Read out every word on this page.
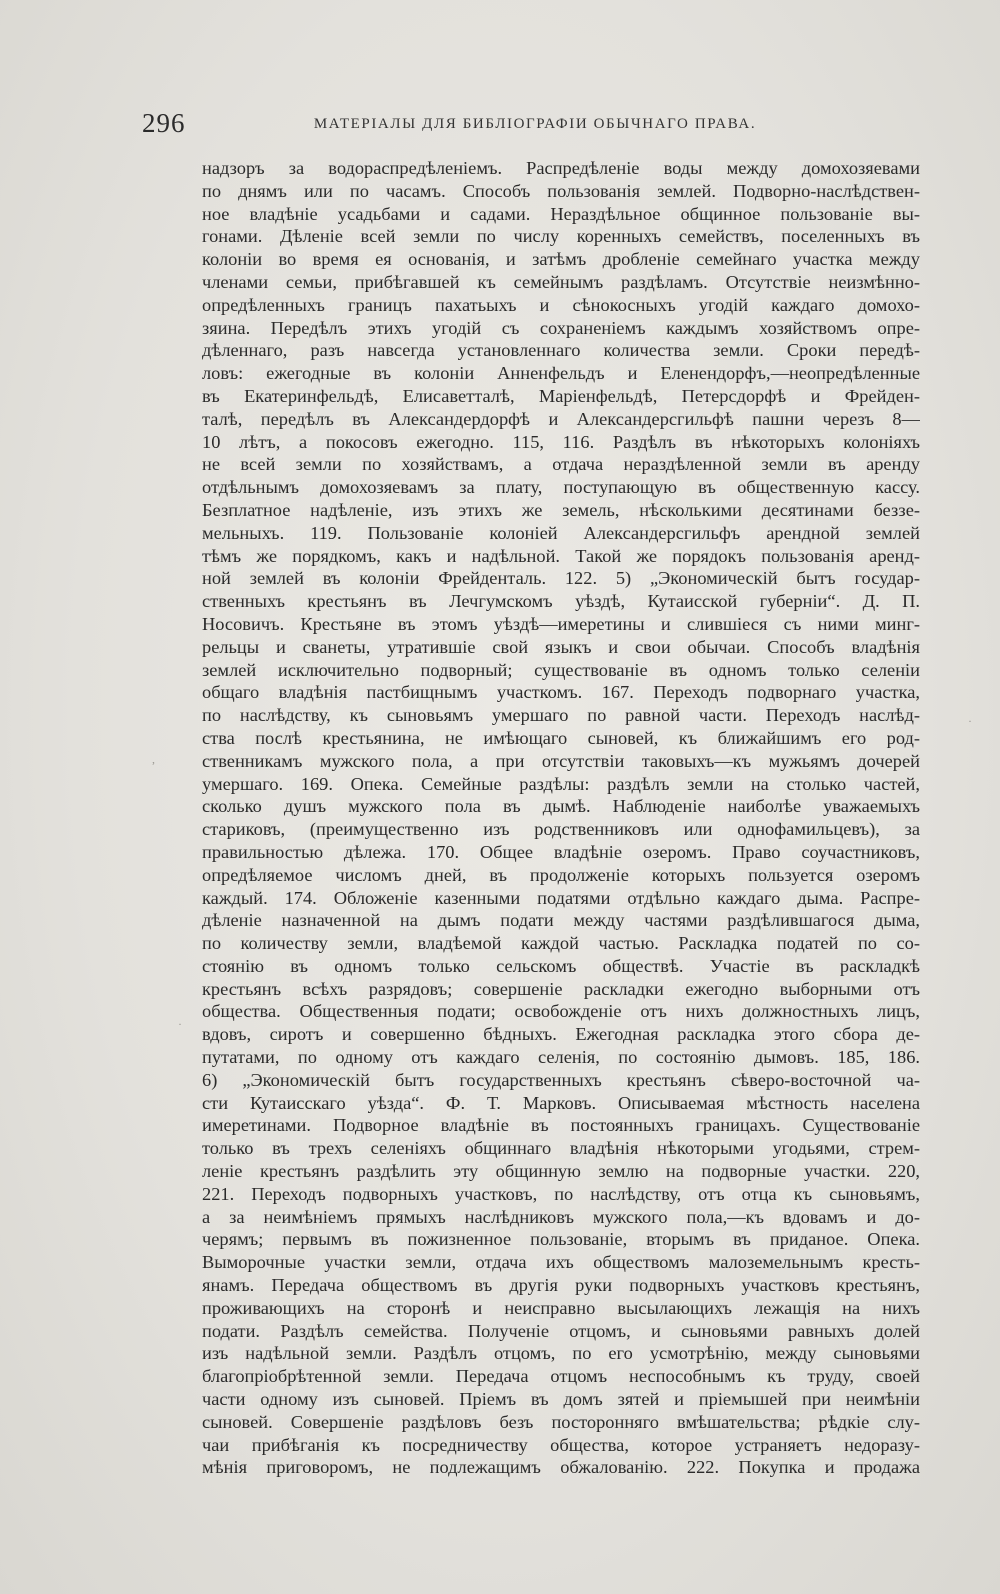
296	МАТЕРІАЛЫ ДЛЯ БИБЛІОГРАФІИ ОБЫЧНАГО ПРАВА.
надзоръ за водораспредѣленіемъ. Распредѣленіе воды между домохозяевами
по днямъ или по часамъ. Способъ пользованія землей. Подворно-наслѣдствен-
ное владѣніе усадьбами и садами. Нераздѣльное общинное пользованіе вы-
гонами. Дѣленіе всей земли по числу коренныхъ семействъ, поселенныхъ въ
колоніи во время ея основанія, и затѣмъ дробленіе семейнаго участка между
членами семьи, прибѣгавшей къ семейнымъ раздѣламъ. Отсутствіе неизмѣнно-
опредѣленныхъ границъ пахатьыхъ и сѣнокосныхъ угодій каждаго домохо-
зяина. Передѣлъ этихъ угодій съ сохраненіемъ каждымъ хозяйствомъ опре-
дѣленнаго, разъ навсегда установленнаго количества земли. Сроки передѣ-
ловъ: ежегодные въ колоніи Анненфельдъ и Еленендорфъ,—неопредѣленные
въ Екатеринфельдѣ, Елисаветталѣ, Маріенфельдѣ, Петерсдорфѣ и Фрейден-
талѣ, передѣлъ въ Александердорфѣ и Александерсгильфѣ пашни черезъ 8—
10 лѣтъ, а покосовъ ежегодно. 115, 116. Раздѣлъ въ нѣкоторыхъ колоніяхъ
не всей земли по хозяйствамъ, а отдача нераздѣленной земли въ аренду
отдѣльнымъ домохозяевамъ за плату, поступающую въ общественную кассу.
Безплатное надѣленіе, изъ этихъ же земель, нѣсколькими десятинами беззе-
мельныхъ. 119. Пользованіе колоніей Александерсгильфъ арендной землей
тѣмъ же порядкомъ, какъ и надѣльной. Такой же порядокъ пользованія аренд-
ной землей въ колоніи Фрейденталь. 122. 5) „Экономическій бытъ государ-
ственныхъ крестьянъ въ Лечгумскомъ уѣздѣ, Кутаисской губерніи“. Д. П.
Носовичъ. Крестьяне въ этомъ уѣздѣ—имеретины и слившіеся съ ними минг-
рельцы и сванеты, утратившіе свой языкъ и свои обычаи. Способъ владѣнія
землей исключительно подворный; существованіе въ одномъ только селеніи
общаго владѣнія пастбищнымъ участкомъ. 167. Переходъ подворнаго участка,
по наслѣдству, къ сыновьямъ умершаго по равной части. Переходъ наслѣд-
ства послѣ крестьянина, не имѣющаго сыновей, къ ближайшимъ его род-
ственникамъ мужского пола, а при отсутствіи таковыхъ—къ мужьямъ дочерей
умершаго. 169. Опека. Семейные раздѣлы: раздѣлъ земли на столько частей,
сколько душъ мужского пола въ дымѣ. Наблюденіе наиболѣе уважаемыхъ
стариковъ, (преимущественно изъ родственниковъ или однофамильцевъ), за
правильностью дѣлежа. 170. Общее владѣніе озеромъ. Право соучастниковъ,
опредѣляемое числомъ дней, въ продолженіе которыхъ пользуется озеромъ
каждый. 174. Обложеніе казенными податями отдѣльно каждаго дыма. Распре-
дѣленіе назначенной на дымъ подати между частями раздѣлившагося дыма,
по количеству земли, владѣемой каждой частью. Раскладка податей по со-
стоянію въ одномъ только сельскомъ обществѣ. Участіе въ раскладкѣ
крестьянъ всѣхъ разрядовъ; совершеніе раскладки ежегодно выборными отъ
общества. Общественныя подати; освобожденіе отъ нихъ должностныхъ лицъ,
вдовъ, сиротъ и совершенно бѣдныхъ. Ежегодная раскладка этого сбора де-
путатами, по одному отъ каждаго селенія, по состоянію дымовъ. 185, 186.
6) „Экономическій бытъ государственныхъ крестьянъ сѣверо-восточной ча-
сти Кутаисскаго уѣзда“. Ф. Т. Марковъ. Описываемая мѣстность населена
имеретинами. Подворное владѣніе въ постоянныхъ границахъ. Существованіе
только въ трехъ селеніяхъ общиннаго владѣнія нѣкоторыми угодьями, стрем-
леніе крестьянъ раздѣлить эту общинную землю на подворные участки. 220,
221. Переходъ подворныхъ участковъ, по наслѣдству, отъ отца къ сыновьямъ,
а за неимѣніемъ прямыхъ наслѣдниковъ мужского пола,—къ вдовамъ и до-
черямъ; первымъ въ пожизненное пользованіе, вторымъ въ приданое. Опека.
Выморочные участки земли, отдача ихъ обществомъ малоземельнымъ кресть-
янамъ. Передача обществомъ въ другія руки подворныхъ участковъ крестьянъ,
проживающихъ на сторонѣ и неисправно высылающихъ лежащія на нихъ
подати. Раздѣлъ семейства. Полученіе отцомъ, и сыновьями равныхъ долей
изъ надѣльной земли. Раздѣлъ отцомъ, по его усмотрѣнію, между сыновьями
благопріобрѣтенной земли. Передача отцомъ неспособнымъ къ труду, своей
части одному изъ сыновей. Пріемъ въ домъ зятей и пріемышей при неимѣніи
сыновей. Совершеніе раздѣловъ безъ посторонняго вмѣшательства; рѣдкіе слу-
чаи прибѣганія къ посредничеству общества, которое устраняетъ недоразу-
мѣнія приговоромъ, не подлежащимъ обжалованію. 222. Покупка и продажа
·
,
·
